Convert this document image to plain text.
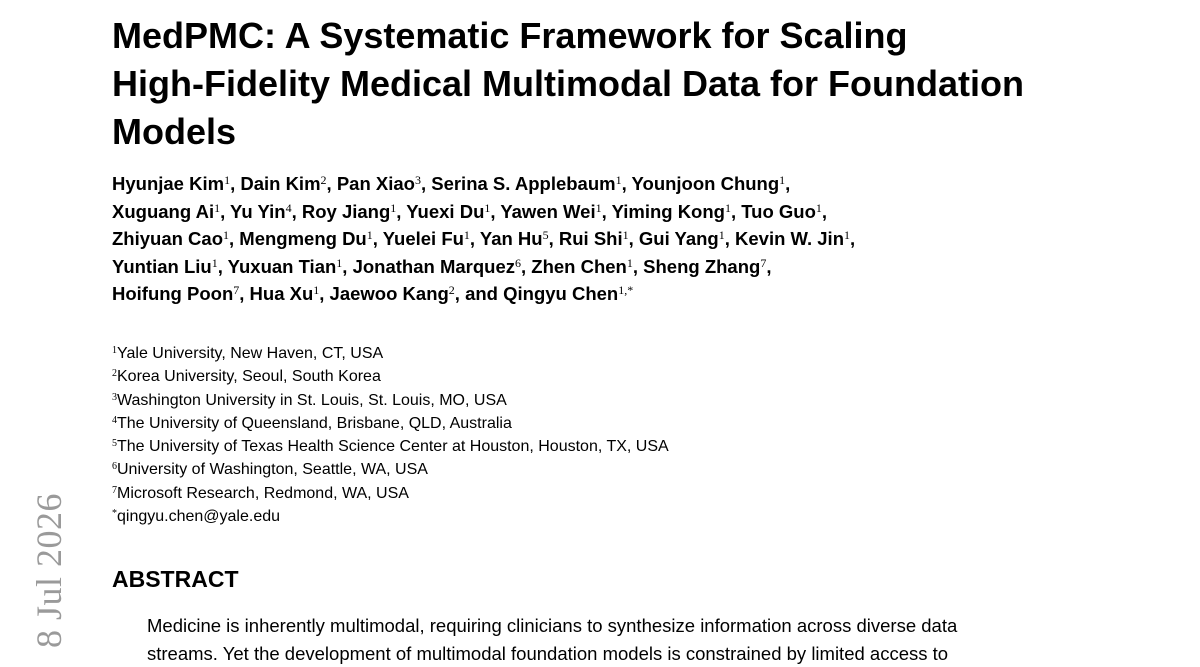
8 Jul 2026
MedPMC: A Systematic Framework for Scaling
High-Fidelity Medical Multimodal Data for Foundation
Models
Hyunjae Kim$^1$, Dain Kim$^2$, Pan Xiao$^3$, Serina S. Applebaum$^1$, Younjoon Chung$^1$,
Xuguang Ai$^1$, Yu Yin$^4$, Roy Jiang$^1$, Yuexi Du$^1$, Yawen Wei$^1$, Yiming Kong$^1$, Tuo Guo$^1$,
Zhiyuan Cao$^1$, Mengmeng Du$^1$, Yuelei Fu$^1$, Yan Hu$^5$, Rui Shi$^1$, Gui Yang$^1$, Kevin W. Jin$^1$,
Yuntian Liu$^1$, Yuxuan Tian$^1$, Jonathan Marquez$^6$, Zhen Chen$^1$, Sheng Zhang$^7$,
Hoifung Poon$^7$, Hua Xu$^1$, Jaewoo Kang$^2$, and Qingyu Chen$^{1,*}$
$^1$Yale University, New Haven, CT, USA
$^2$Korea University, Seoul, South Korea
$^3$Washington University in St. Louis, St. Louis, MO, USA
$^4$The University of Queensland, Brisbane, QLD, Australia
$^5$The University of Texas Health Science Center at Houston, Houston, TX, USA
$^6$University of Washington, Seattle, WA, USA
$^7$Microsoft Research, Redmond, WA, USA
*qingyu.chen@yale.edu
ABSTRACT
Medicine is inherently multimodal, requiring clinicians to synthesize information across diverse data
streams. Yet the development of multimodal foundation models is constrained by limited access to
